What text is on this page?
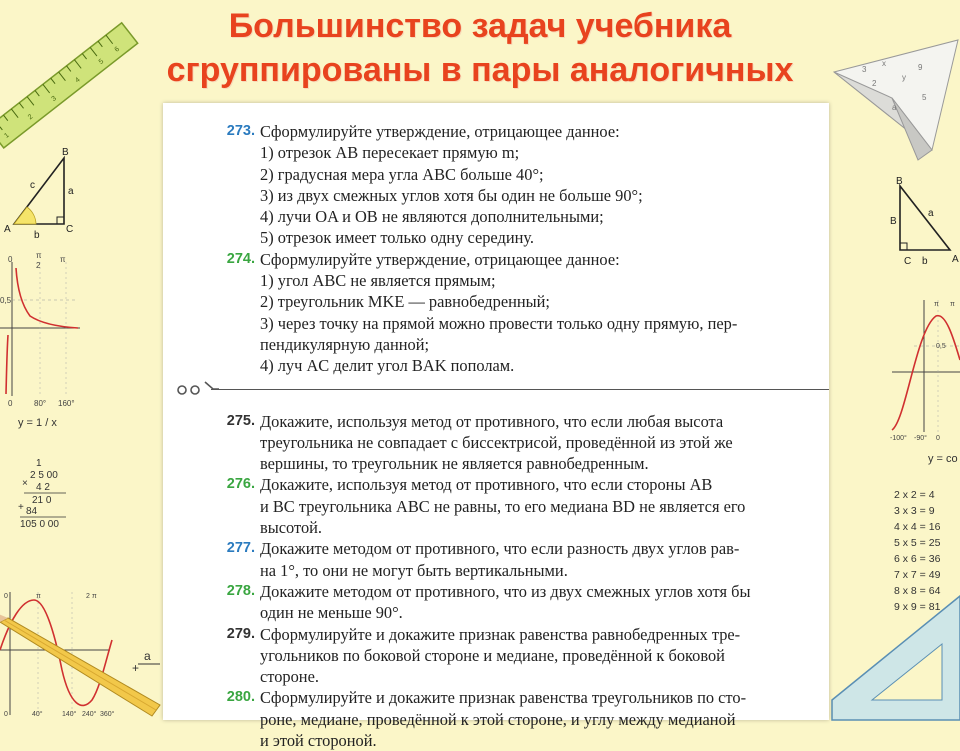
1
2
3
4
5
6
A
B
C
a
b
c
0	π
2
π
0,5
0	80° 160°
y = 1 / x
1
2 5 00
× 4 2
21 0
+ 84
105 0 00
0	π	2 π
0	40°	140° 240° 360°
a
+
3
x
y
2
9
5
a
B
B
C	A
a
b
π π
0,5
-100° -90° 0
y = co
2 x 2 = 4
3 x 3 = 9
4 x 4 = 16
5 x 5 = 25
6 x 6 = 36
7 x 7 = 49
8 x 8 = 64
9 x 9 = 81
Большинство задач учебника
сгруппированы в пары аналогичных
273. Сформулируйте утверждение, отрицающее данное:
1) отрезок AB пересекает прямую m;
2) градусная мера угла ABC больше 40°;
3) из двух смежных углов хотя бы один не больше 90°;
4) лучи OA и OB не являются дополнительными;
5) отрезок имеет только одну середину.
274. Сформулируйте утверждение, отрицающее данное:
1) угол ABC не является прямым;
2) треугольник MKE — равнобедренный;
3) через точку на прямой можно провести только одну прямую, пер-
пендикулярную данной;
4) луч AC делит угол BAK пополам.
275. Докажите, используя метод от противного, что если любая высота
треугольника не совпадает с биссектрисой, проведённой из этой же
вершины, то треугольник не является равнобедренным.
276. Докажите, используя метод от противного, что если стороны AB
и BC треугольника ABC не равны, то его медиана BD не является его
высотой.
277. Докажите методом от противного, что если разность двух углов рав-
на 1°, то они не могут быть вертикальными.
278. Докажите методом от противного, что из двух смежных углов хотя бы
один не меньше 90°.
279. Сформулируйте и докажите признак равенства равнобедренных тре-
угольников по боковой стороне и медиане, проведённой к боковой
стороне.
280. Сформулируйте и докажите признак равенства треугольников по сто-
роне, медиане, проведённой к этой стороне, и углу между медианой
и этой стороной.
